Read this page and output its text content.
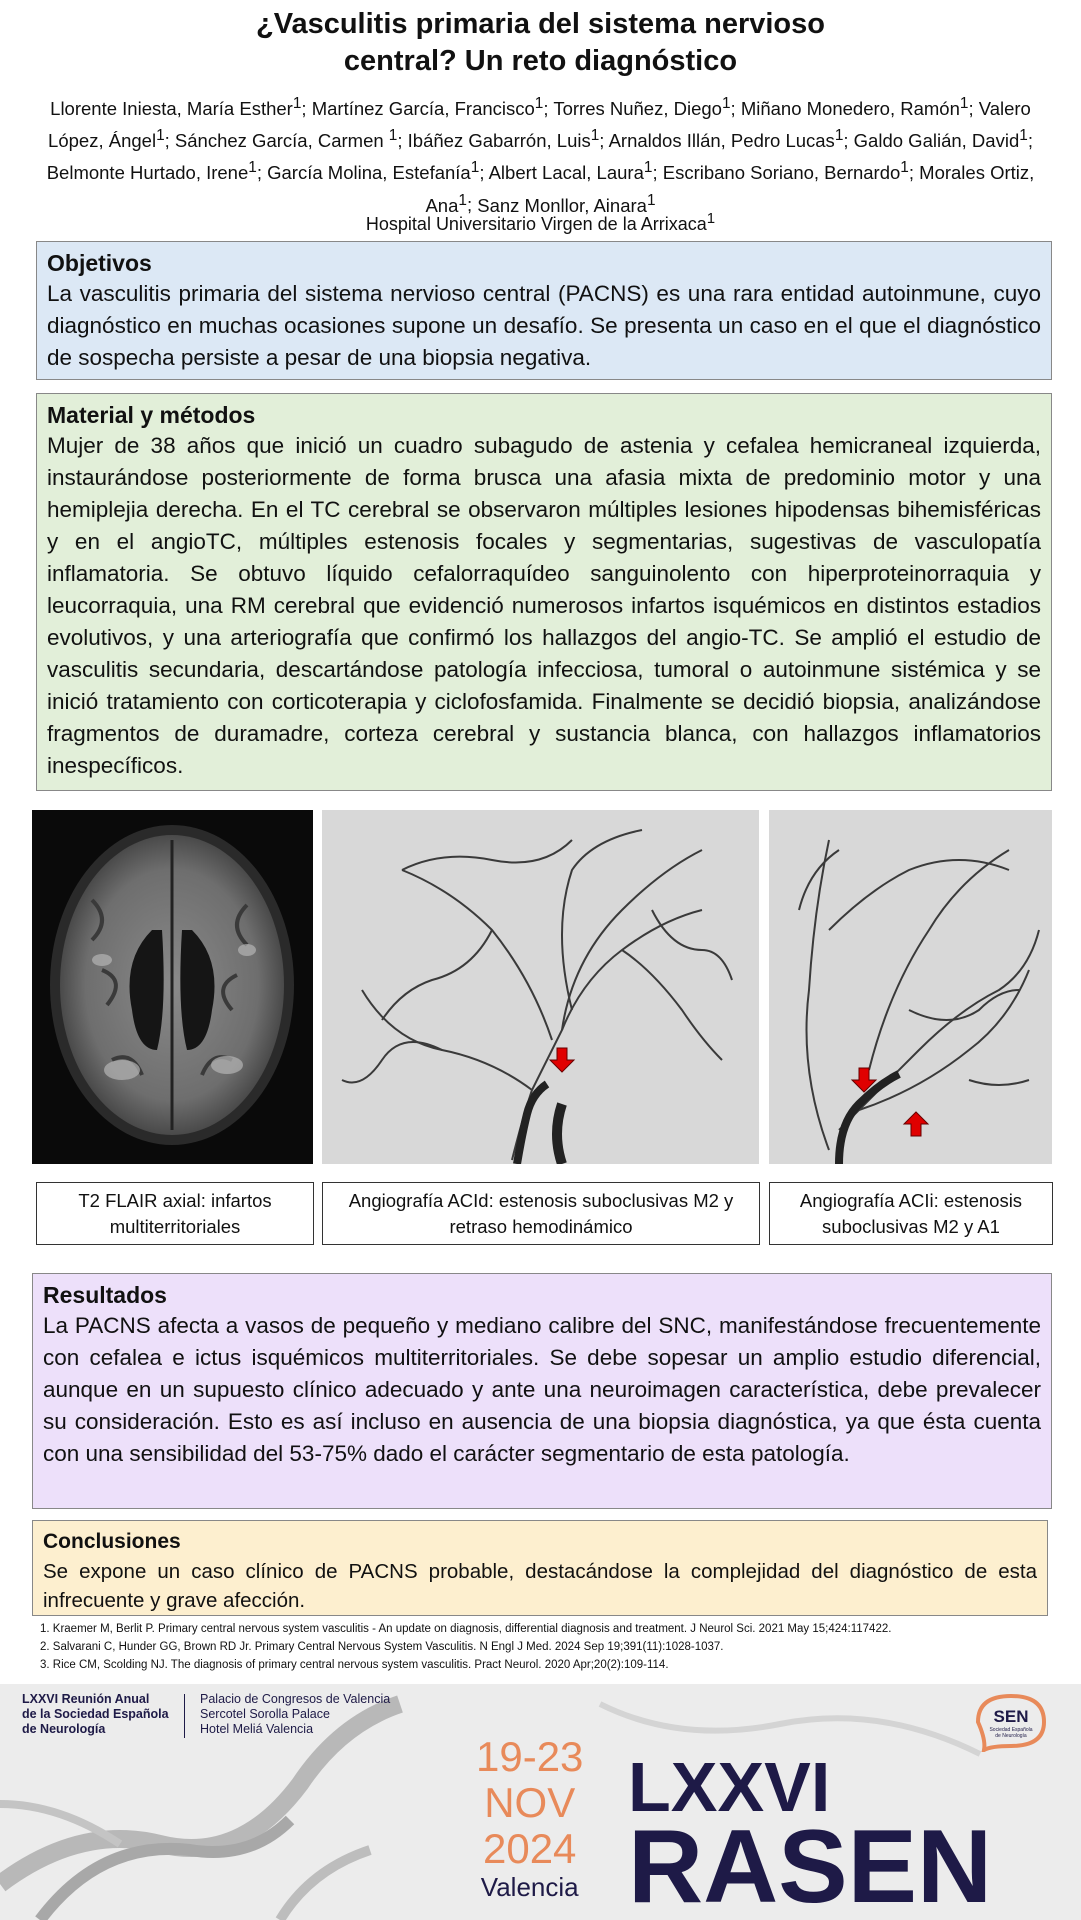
¿Vasculitis primaria del sistema nervioso
central? Un reto diagnóstico
Llorente Iniesta, María Esther$^1$; Martínez García, Francisco$^1$; Torres Nuñez, Diego$^1$; Miñano Monedero, Ramón$^1$; Valero López, Ángel$^1$; Sánchez García, Carmen $^1$; Ibáñez Gabarrón, Luis$^1$; Arnaldos Illán, Pedro Lucas$^1$; Galdo Galián, David$^1$; Belmonte Hurtado, Irene$^1$; García Molina, Estefanía$^1$; Albert Lacal, Laura$^1$; Escribano Soriano, Bernardo$^1$; Morales Ortiz, Ana$^1$; Sanz Monllor, Ainara$^1$
Hospital Universitario Virgen de la Arrixaca$^1$
Objetivos

La vasculitis primaria del sistema nervioso central (PACNS) es una rara entidad autoinmune, cuyo diagnóstico en muchas ocasiones supone un desafío. Se presenta un caso en el que el diagnóstico de sospecha persiste a pesar de una biopsia negativa.

Material y métodos

Mujer de 38 años que inició un cuadro subagudo de astenia y cefalea hemicraneal izquierda, instaurándose posteriormente de forma brusca una afasia mixta de predominio motor y una hemiplejia derecha. En el TC cerebral se observaron múltiples lesiones hipodensas bihemisféricas y en el angioTC, múltiples estenosis focales y segmentarias, sugestivas de vasculopatía inflamatoria. Se obtuvo líquido cefalorraquídeo sanguinolento con hiperproteinorraquia y leucorraquia, una RM cerebral que evidenció numerosos infartos isquémicos en distintos estadios evolutivos, y una arteriografía que confirmó los hallazgos del angio-TC. Se amplió el estudio de vasculitis secundaria, descartándose patología infecciosa, tumoral o autoinmune sistémica y se inició tratamiento con corticoterapia y ciclofosfamida. Finalmente se decidió biopsia, analizándose fragmentos de duramadre, corteza cerebral y sustancia blanca, con hallazgos inflamatorios inespecíficos.

T2 FLAIR axial: infartos multiterritoriales
Angiografía ACId: estenosis suboclusivas M2 y retraso hemodinámico
Angiografía ACIi: estenosis suboclusivas M2 y A1
Resultados

La PACNS afecta a vasos de pequeño y mediano calibre del SNC, manifestándose frecuentemente con cefalea e ictus isquémicos multiterritoriales. Se debe sopesar un amplio estudio diferencial, aunque en un supuesto clínico adecuado y ante una neuroimagen característica, debe prevalecer su consideración. Esto es así incluso en ausencia de una biopsia diagnóstica, ya que ésta cuenta con una sensibilidad del 53-75% dado el carácter segmentario de esta patología.

Conclusiones

Se expone un caso clínico de PACNS probable, destacándose la complejidad del diagnóstico de esta infrecuente y grave afección.

1. Kraemer M, Berlit P. Primary central nervous system vasculitis - An update on diagnosis, differential diagnosis and treatment. J Neurol Sci. 2021 May 15;424:117422.
2. Salvarani C, Hunder GG, Brown RD Jr. Primary Central Nervous System Vasculitis. N Engl J Med. 2024 Sep 19;391(11):1028-1037.
3. Rice CM, Scolding NJ. The diagnosis of primary central nervous system vasculitis. Pract Neurol. 2020 Apr;20(2):109-114.
LXXVI Reunión Anual
de la Sociedad Española
de Neurología
Palacio de Congresos de Valencia
Sercotel Sorolla Palace
Hotel Meliá Valencia
19-23
NOV
2024
Valencia
LXXVI
RASEN
SEN
Sociedad Española
de Neurología
